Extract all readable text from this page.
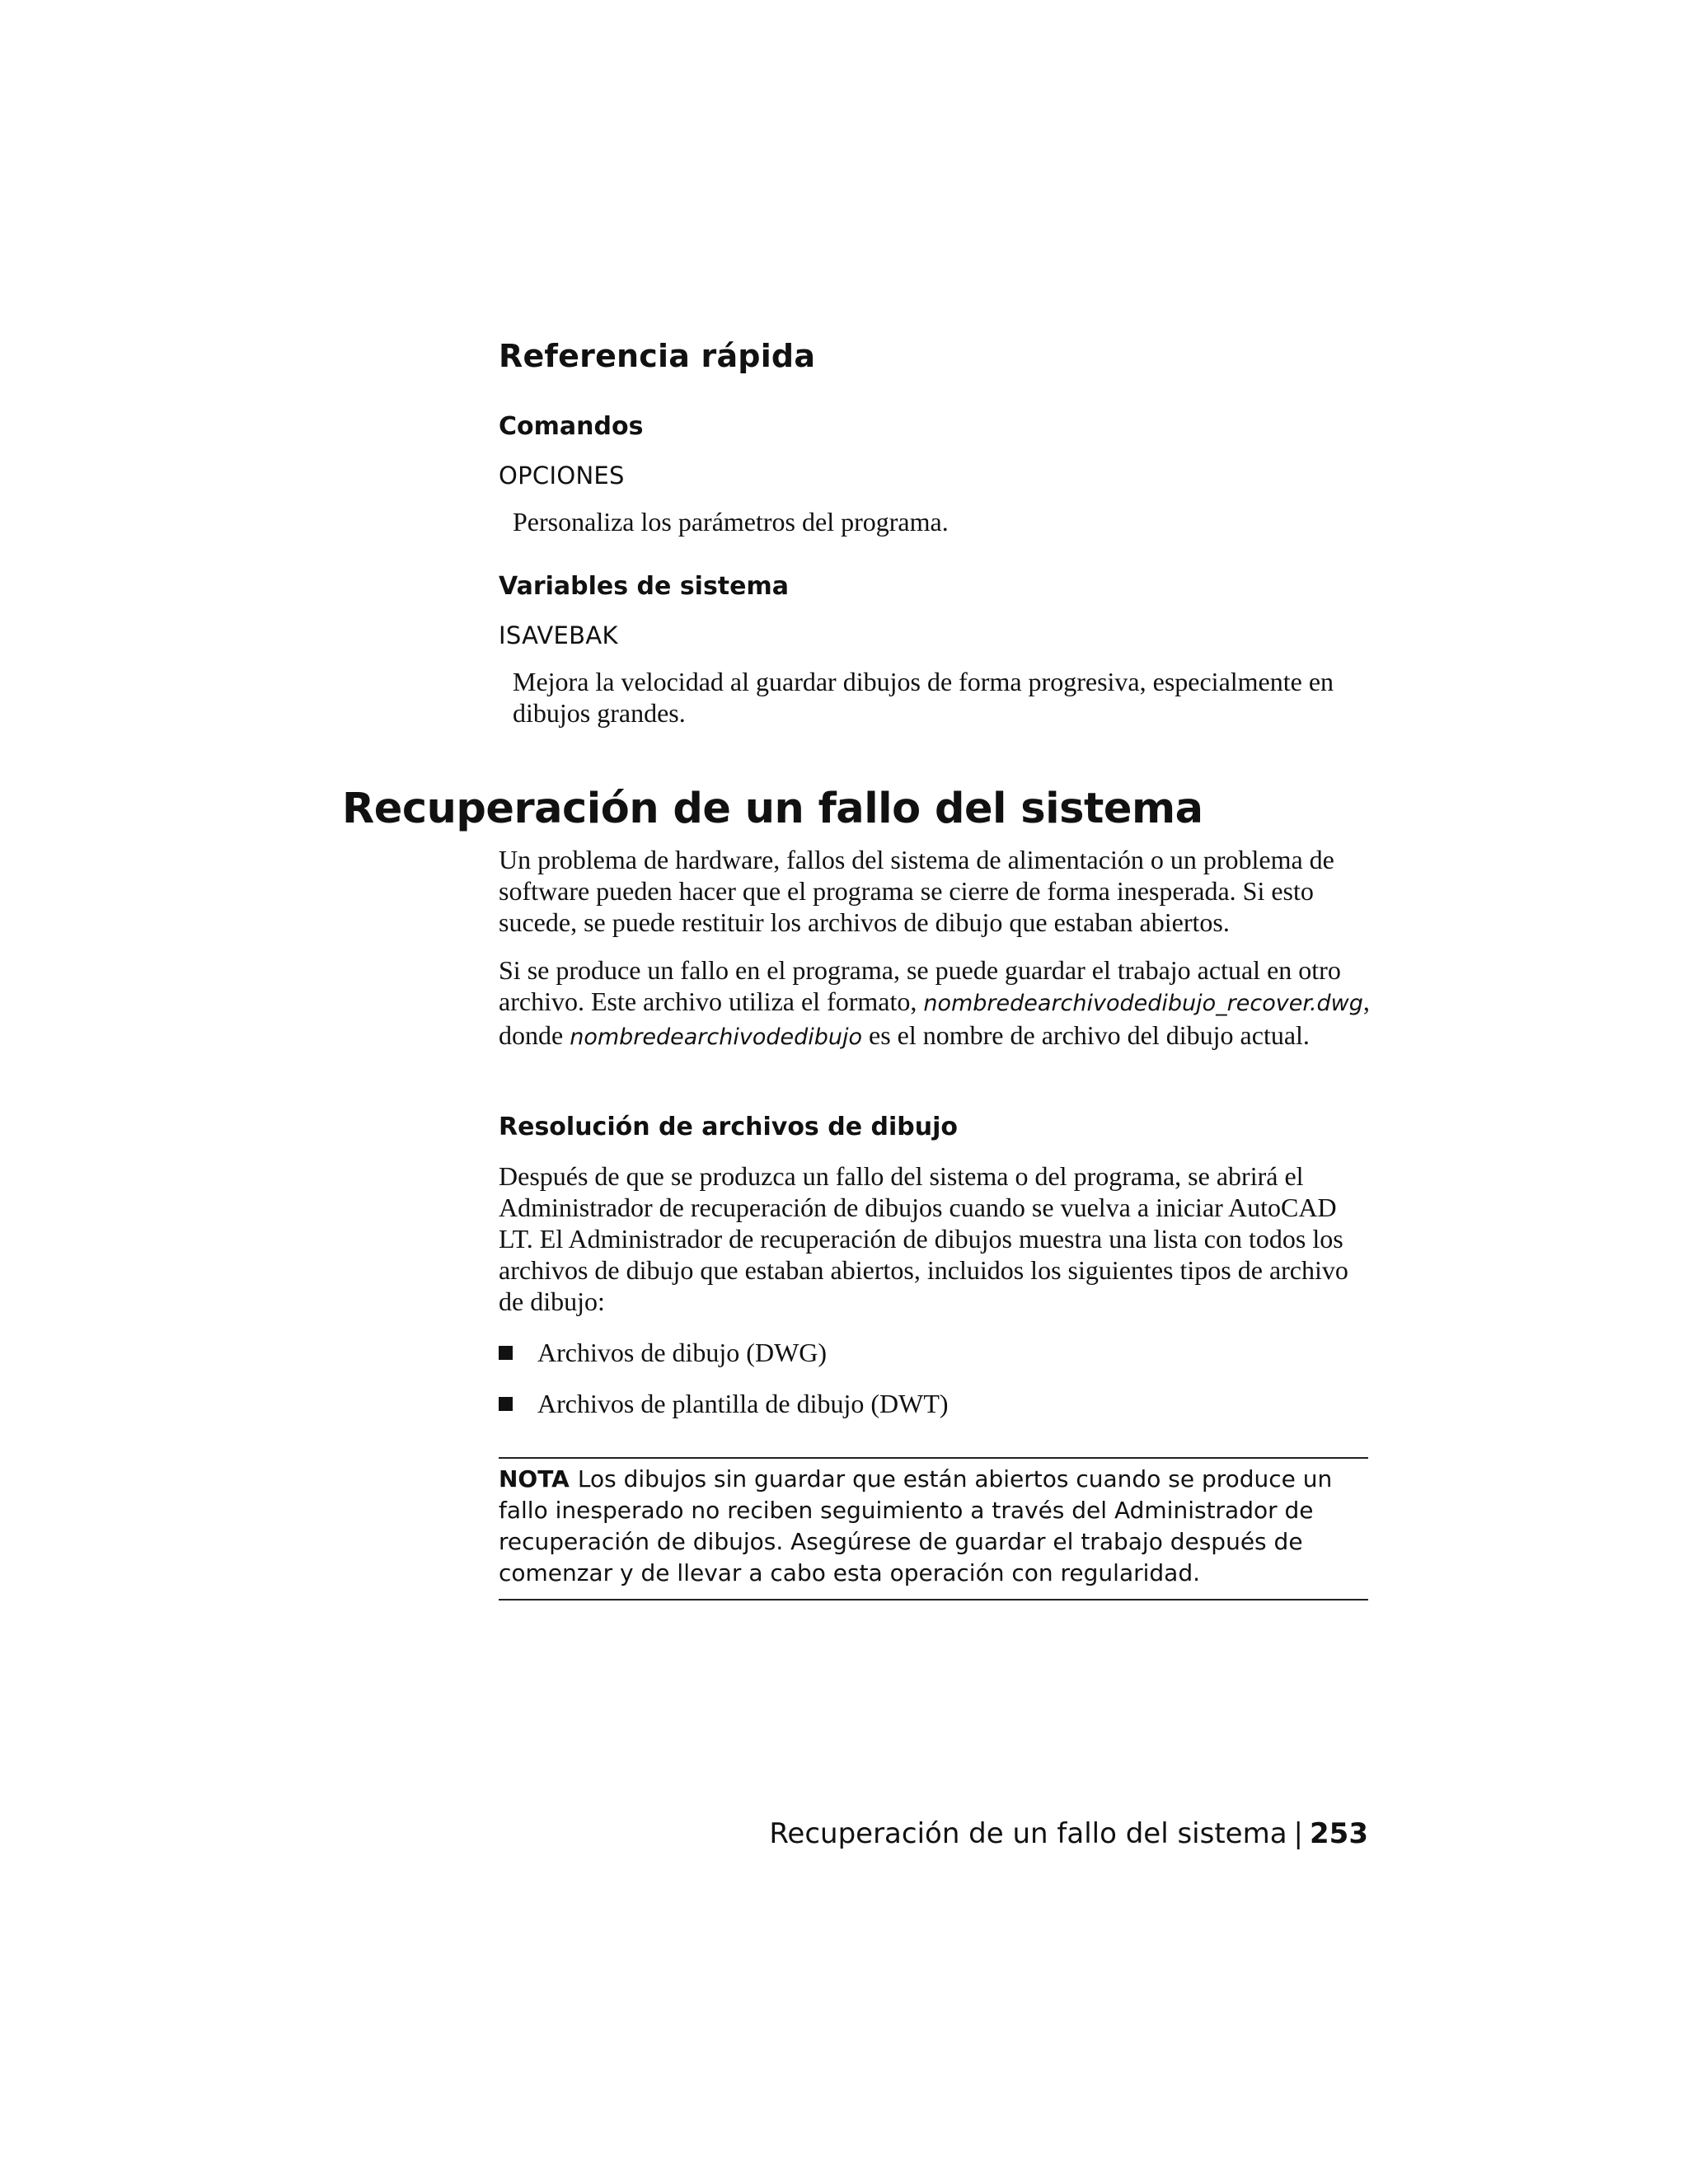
Referencia rápida
Comandos

OPCIONES

Personaliza los parámetros del programa.

Variables de sistema

ISAVEBAK

Mejora la velocidad al guardar dibujos de forma progresiva, especialmente en dibujos grandes.

Recuperación de un fallo del sistema

Un problema de hardware, fallos del sistema de alimentación o un problema de software pueden hacer que el programa se cierre de forma inesperada. Si esto sucede, se puede restituir los archivos de dibujo que estaban abiertos.

Si se produce un fallo en el programa, se puede guardar el trabajo actual en otro archivo. Este archivo utiliza el formato, nombredearchivodedibujo_recover.dwg, donde nombredearchivodedibujo es el nombre de archivo del dibujo actual.

Resolución de archivos de dibujo

Después de que se produzca un fallo del sistema o del programa, se abrirá el Administrador de recuperación de dibujos cuando se vuelva a iniciar AutoCAD LT. El Administrador de recuperación de dibujos muestra una lista con todos los archivos de dibujo que estaban abiertos, incluidos los siguientes tipos de archivo de dibujo:

Archivos de dibujo (DWG)

Archivos de plantilla de dibujo (DWT)

NOTA Los dibujos sin guardar que están abiertos cuando se produce un fallo inesperado no reciben seguimiento a través del Administrador de recuperación de dibujos. Asegúrese de guardar el trabajo después de comenzar y de llevar a cabo esta operación con regularidad.

Recuperación de un fallo del sistema | 253
